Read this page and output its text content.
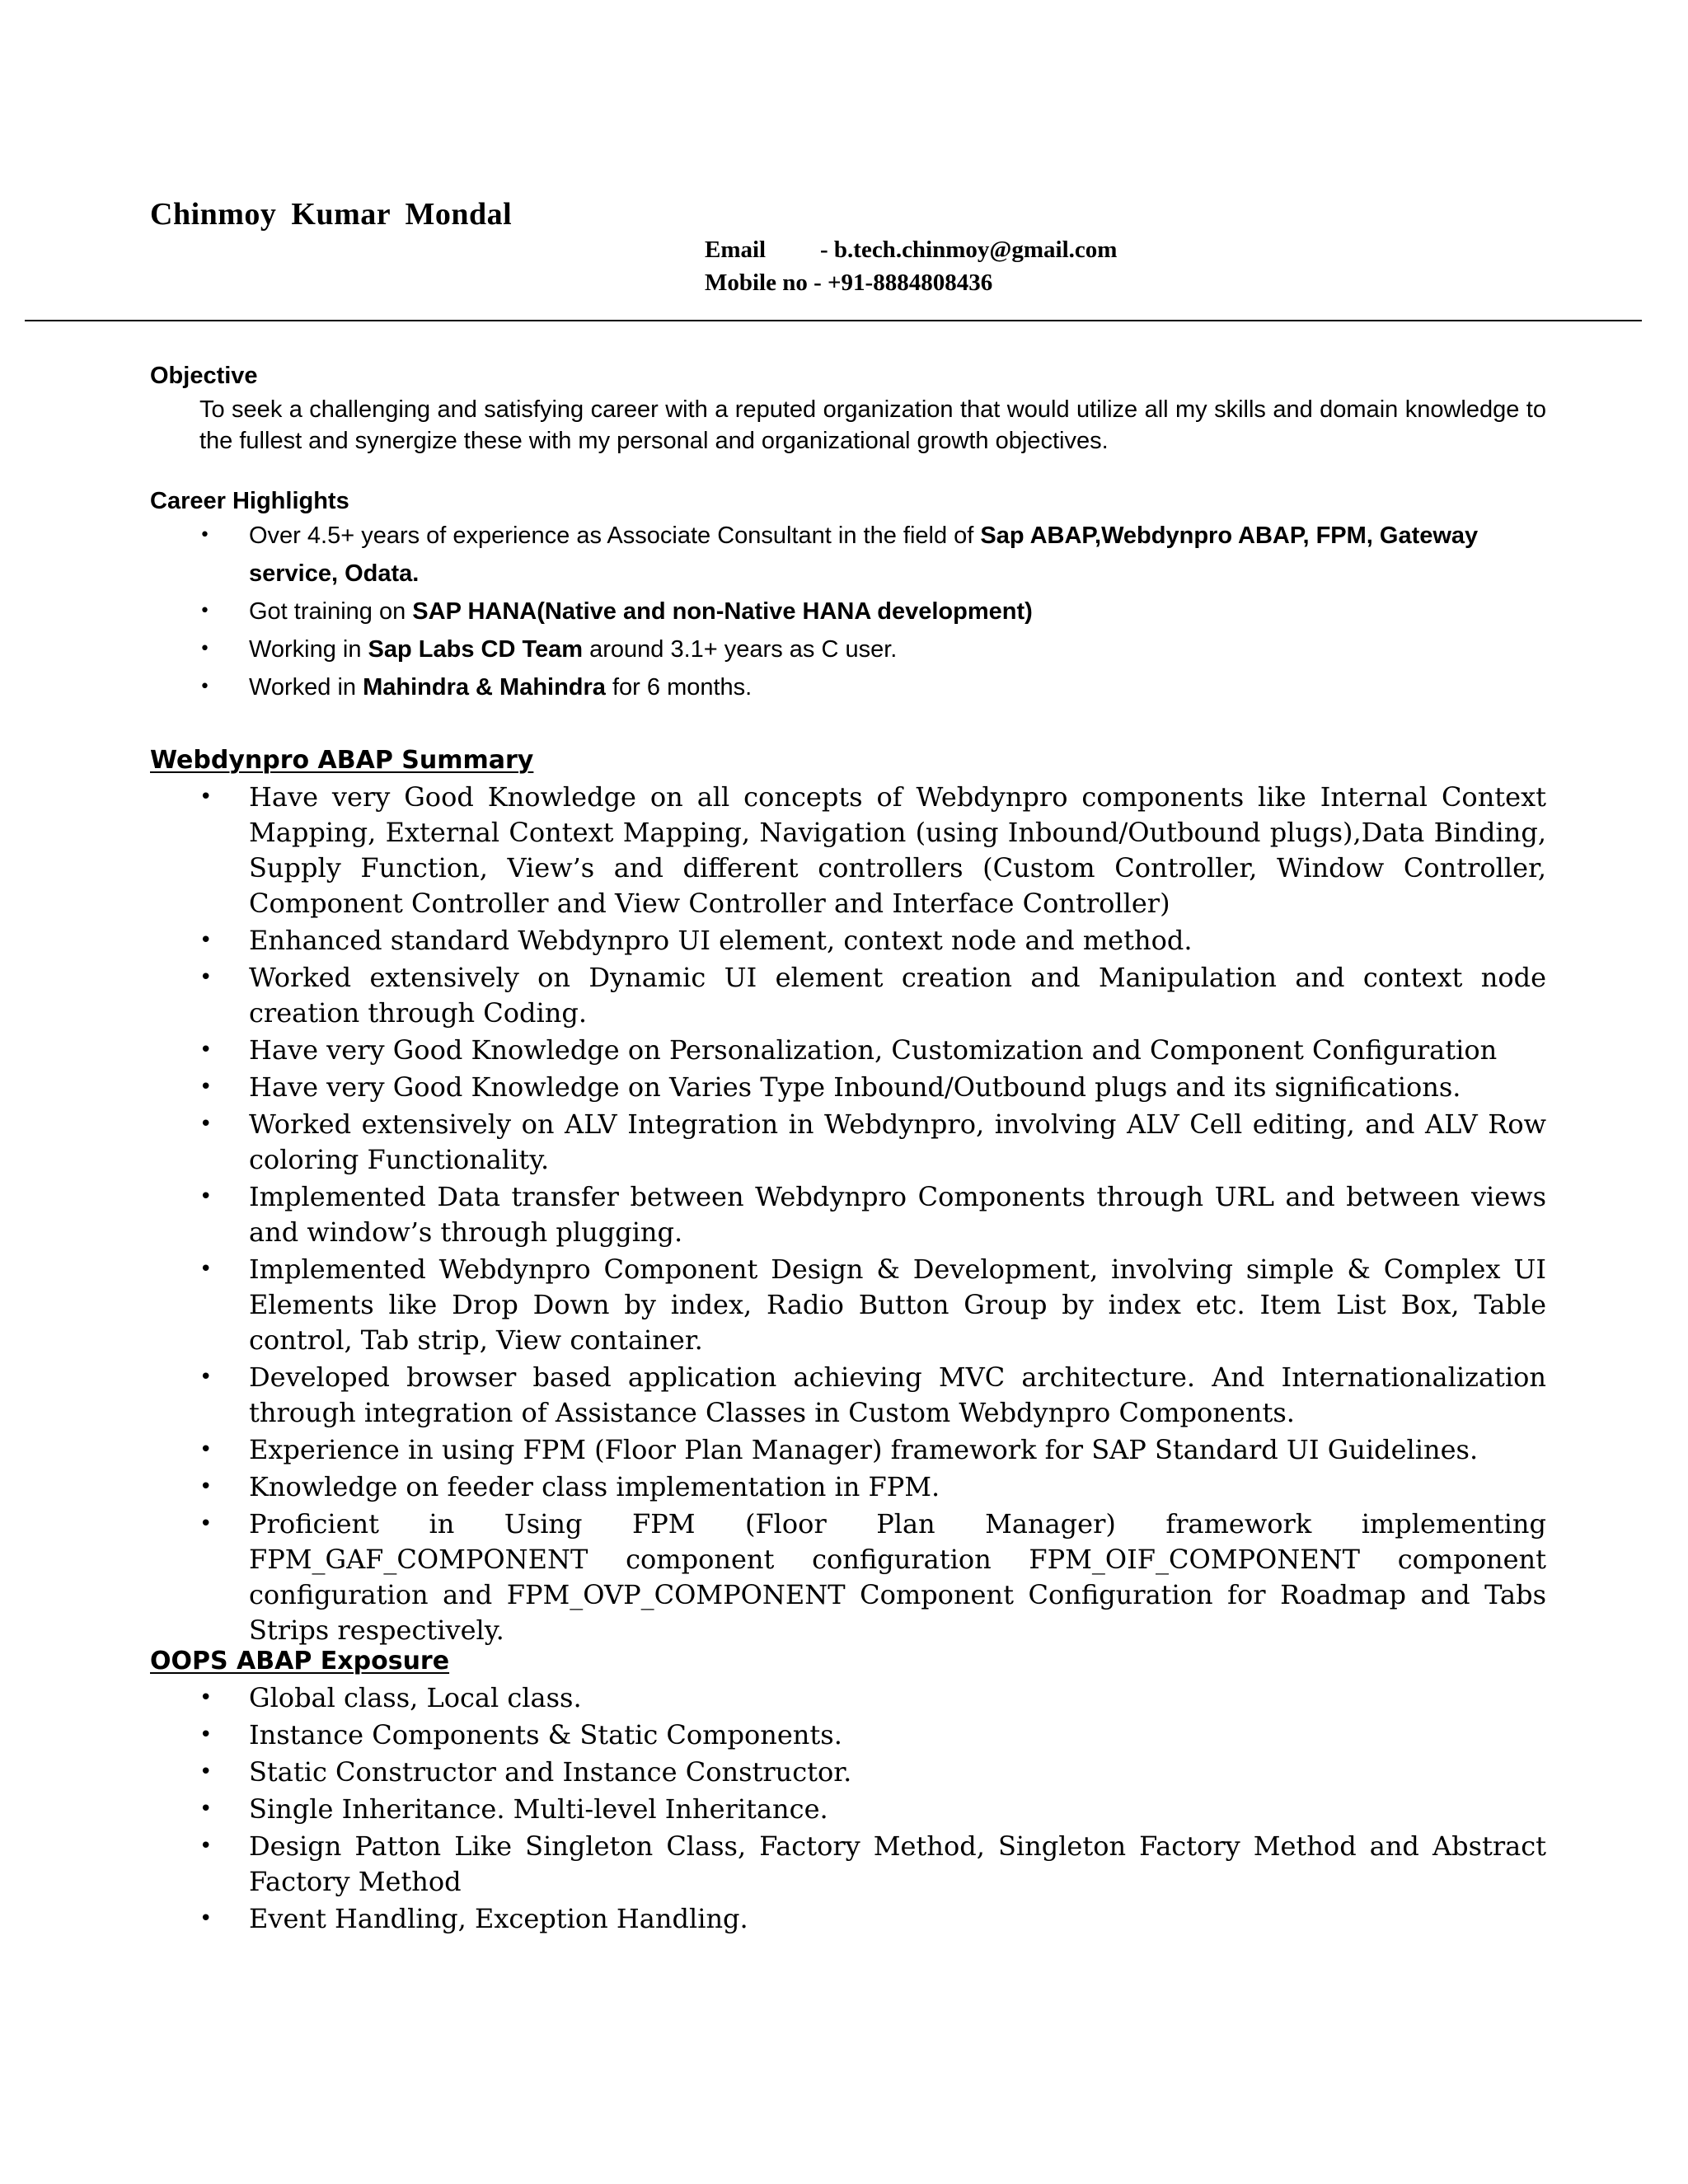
Chinmoy Kumar Mondal
Email - b.tech.chinmoy@gmail.com
Mobile no - +91-8884808436
Objective
To seek a challenging and satisfying career with a reputed organization that would utilize all my skills and domain knowledge to the fullest and synergize these with my personal and organizational growth objectives.
Career Highlights
• Over 4.5+ years of experience as Associate Consultant in the field of Sap ABAP,Webdynpro ABAP, FPM, Gateway service, Odata.
• Got training on SAP HANA(Native and non-Native HANA development)
• Working in Sap Labs CD Team around 3.1+ years as C user.
• Worked in Mahindra & Mahindra for 6 months.
Webdynpro ABAP Summary
• Have very Good Knowledge on all concepts of Webdynpro components like Internal Context Mapping, External Context Mapping, Navigation (using Inbound/Outbound plugs),Data Binding, Supply Function, View’s and different controllers (Custom Controller, Window Controller, Component Controller and View Controller and Interface Controller)
• Enhanced standard Webdynpro UI element, context node and method.
• Worked extensively on Dynamic UI element creation and Manipulation and context node creation through Coding.
• Have very Good Knowledge on Personalization, Customization and Component Configuration
• Have very Good Knowledge on Varies Type Inbound/Outbound plugs and its significations.
• Worked extensively on ALV Integration in Webdynpro, involving ALV Cell editing, and ALV Row coloring Functionality.
• Implemented Data transfer between Webdynpro Components through URL and between views and window’s through plugging.
• Implemented Webdynpro Component Design & Development, involving simple & Complex UI Elements like Drop Down by index, Radio Button Group by index etc. Item List Box, Table control, Tab strip, View container.
• Developed browser based application achieving MVC architecture. And Internationalization through integration of Assistance Classes in Custom Webdynpro Components.
• Experience in using FPM (Floor Plan Manager) framework for SAP Standard UI Guidelines.
• Knowledge on feeder class implementation in FPM.
• Proficient in Using FPM (Floor Plan Manager) framework implementing FPM_GAF_COMPONENT component configuration FPM_OIF_COMPONENT component configuration and FPM_OVP_COMPONENT Component Configuration for Roadmap and Tabs Strips respectively.
OOPS ABAP Exposure
• Global class, Local class.
• Instance Components & Static Components.
• Static Constructor and Instance Constructor.
• Single Inheritance. Multi-level Inheritance.
• Design Patton Like Singleton Class, Factory Method, Singleton Factory Method and Abstract Factory Method
• Event Handling, Exception Handling.
